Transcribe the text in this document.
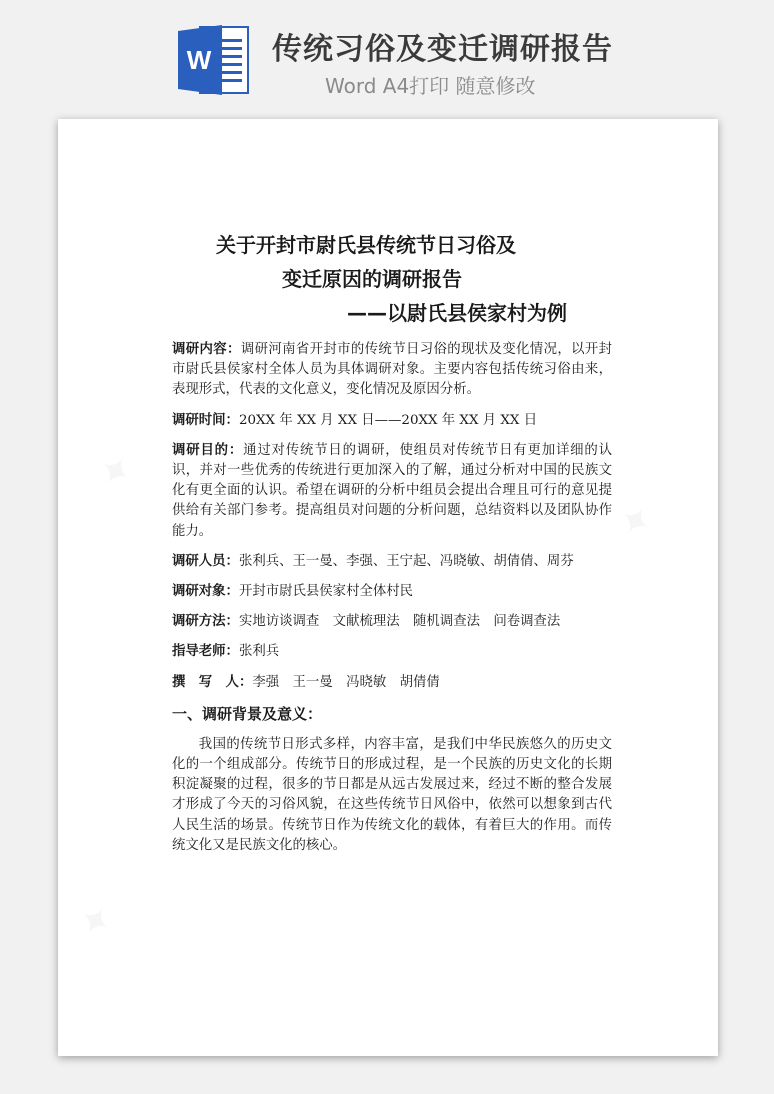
W 传统习俗及变迁调研报告
Word A4打印 随意修改
关于开封市尉氏县传统节日习俗及
变迁原因的调研报告
——以尉氏县侯家村为例

调研内容：调研河南省开封市的传统节日习俗的现状及变化情况，以开封市尉氏县侯家村全体人员为具体调研对象。主要内容包括传统习俗由来，表现形式，代表的文化意义，变化情况及原因分析。

调研时间：20XX 年 XX 月 XX 日——20XX 年 XX 月 XX 日

调研目的：通过对传统节日的调研，使组员对传统节日有更加详细的认识，并对一些优秀的传统进行更加深入的了解，通过分析对中国的民族文化有更全面的认识。希望在调研的分析中组员会提出合理且可行的意见提供给有关部门参考。提高组员对问题的分析问题，总结资料以及团队协作能力。

调研人员：张利兵、王一曼、李强、王宁起、冯晓敏、胡倩倩、周芬

调研对象：开封市尉氏县侯家村全体村民

调研方法：实地访谈调查　文献梳理法　随机调查法　问卷调查法

指导老师：张利兵

撰　写　人：李强　王一曼　冯晓敏　胡倩倩

一、调研背景及意义：

我国的传统节日形式多样，内容丰富，是我们中华民族悠久的历史文化的一个组成部分。传统节日的形成过程，是一个民族的历史文化的长期积淀凝聚的过程，很多的节日都是从远古发展过来，经过不断的整合发展才形成了今天的习俗风貌，在这些传统节日风俗中，依然可以想象到古代人民生活的场景。传统节日作为传统文化的载体，有着巨大的作用。而传统文化又是民族文化的核心。
